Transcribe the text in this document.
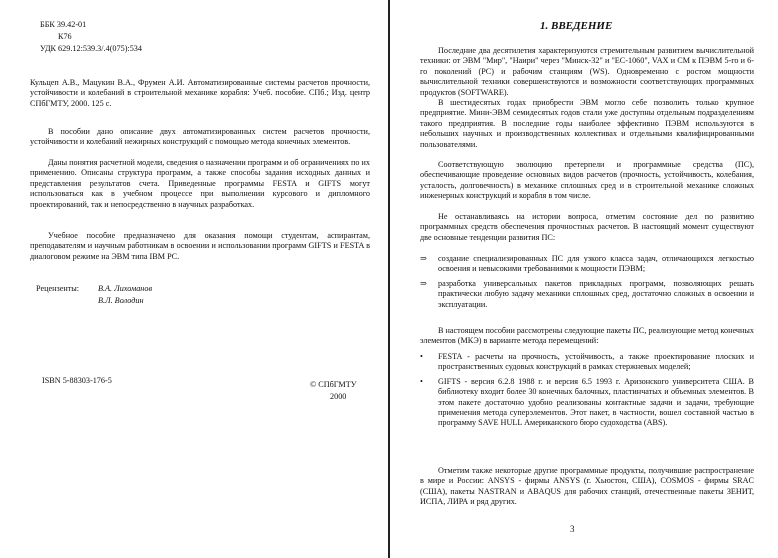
ББК 39.42-01

К76

УДК 629.12:539.3/.4(075):534

Кульцеп А.В., Мацукин В.А., Фрумен А.И. Автоматизированные системы расчетов прочности, устойчивости и колебаний в строительной механике корабля: Учеб. пособие. СПб.; Изд. центр СПбГМТУ, 2000. 125 с.

В пособии дано описание двух автоматизированных систем расчетов прочности, устойчивости и колебаний нежирных конструкций с помощью метода конечных элементов.

Даны понятия расчетной модели, сведения о назначении программ и об ограничениях по их применению. Описаны структура программ, а также способы задания исходных данных и представления результатов счета. Приведенные программы FESTA и GIFTS могут использоваться как в учебном процессе при выполнении курсового и дипломного проектирований, так и непосредственно в научных разработках.

Учебное пособие предназначено для оказания помощи студентам, аспирантам, преподавателям и научным работникам в освоении и использовании программ GIFTS и FESTA в диалоговом режиме на ЭВМ типа IBM PC.

Рецензенты: В.А. Лихоманов
В.Л. Володин
ISBN 5-88303-176-5	© СПбГМТУ
2000

1. ВВЕДЕНИЕ

Последние два десятилетия характеризуются стремительным развитием вычислительной техники: от ЭВМ "Мир", "Наири" через "Минск-32" и "ЕС-1060", VAX и CM к ПЭВМ 5-го и 6-го поколений (PC) и рабочим станциям (WS). Одновременно с ростом мощности вычислительной техники совершенствуются и возможности соответствующих программных продуктов (SOFTWARE).

В шестидесятых годах приобрести ЭВМ могло себе позволить только крупное предприятие. Мини-ЭВМ семидесятых годов стали уже доступны отдельным подразделениям такого предприятия. В последние годы наиболее эффективно ПЭВМ используются в небольших научных и производственных коллективах и отдельными квалифицированными пользователями.

Соответствующую эволюцию претерпели и программные средства (ПС), обеспечивающие проведение основных видов расчетов (прочность, устойчивость, колебания, усталость, долговечность) в механике сплошных сред и в строительной механике сложных инженерных конструкций и корабля в том числе.

Не останавливаясь на истории вопроса, отметим состояние дел по развитию программных средств обеспечения прочностных расчетов. В настоящий момент существуют две основные тенденции развития ПС:

⇒ создание специализированных ПС для узкого класса задач, отличающихся легкостью освоения и невысокими требованиями к мощности ПЭВМ;
⇒ разработка универсальных пакетов прикладных программ, позволяющих решать практически любую задачу механики сплошных сред, достаточно сложных в освоении и эксплуатации.

В настоящем пособии рассмотрены следующие пакеты ПС, реализующие метод конечных элементов (МКЭ) в варианте метода перемещений:

• FESTA - расчеты на прочность, устойчивость, а также проектирование плоских и пространственных судовых конструкций в рамках стержневых моделей;
• GIFTS - версия 6.2.8 1988 г. и версия 6.5 1993 г. Аризонского университета США. В библиотеку входит более 30 конечных балочных, пластинчатых и объемных элементов. В этом пакете достаточно удобно реализованы контактные задачи и задачи, требующие применения метода суперэлементов. Этот пакет, в частности, вошел составной частью в программу SAVE HULL Американского бюро судоходства (ABS).

Отметим также некоторые другие программные продукты, получившие распространение в мире и России: ANSYS - фирмы ANSYS (г. Хьюстон, США), COSMOS - фирмы SRAC (США), пакеты NASTRAN и ABAQUS для рабочих станций, отечественные пакеты ЗЕНИТ, ИСПА, ЛИРА и ряд других.

3
